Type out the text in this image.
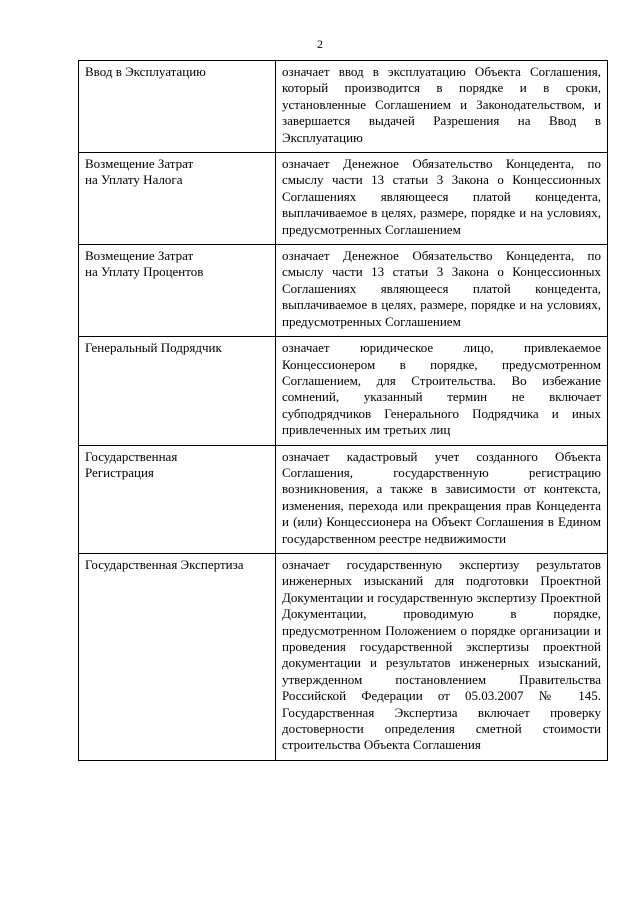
2
Ввод в Эксплуатацию	означает ввод в эксплуатацию Объекта Соглашения, который производится в порядке и в сроки, установленные Соглашением и Законодательством, и завершается выдачей Разрешения на Ввод в Эксплуатацию
Возмещение Затрат
на Уплату Налога	означает Денежное Обязательство Концедента, по смыслу части 13 статьи 3 Закона о Концессионных Соглашениях являющееся платой концедента, выплачиваемое в целях, размере, порядке и на условиях, предусмотренных Соглашением
Возмещение Затрат
на Уплату Процентов	означает Денежное Обязательство Концедента, по смыслу части 13 статьи 3 Закона о Концессионных Соглашениях являющееся платой концедента, выплачиваемое в целях, размере, порядке и на условиях, предусмотренных Соглашением
Генеральный Подрядчик	означает юридическое лицо, привлекаемое Концессионером в порядке, предусмотренном Соглашением, для Строительства. Во избежание сомнений, указанный термин не включает субподрядчиков Генерального Подрядчика и иных привлеченных им третьих лиц
Государственная
Регистрация	означает кадастровый учет созданного Объекта Соглашения, государственную регистрацию возникновения, а также в зависимости от контекста, изменения, перехода или прекращения прав Концедента и (или) Концессионера на Объект Соглашения в Едином государственном реестре недвижимости
Государственная Экспертиза	означает государственную экспертизу результатов инженерных изысканий для подготовки Проектной Документации и государственную экспертизу Проектной Документации, проводимую в порядке, предусмотренном Положением о порядке организации и проведения государственной экспертизы проектной документации и результатов инженерных изысканий, утвержденном постановлением Правительства Российской Федерации от 05.03.2007 № 145. Государственная Экспертиза включает проверку достоверности определения сметной стоимости строительства Объекта Соглашения
